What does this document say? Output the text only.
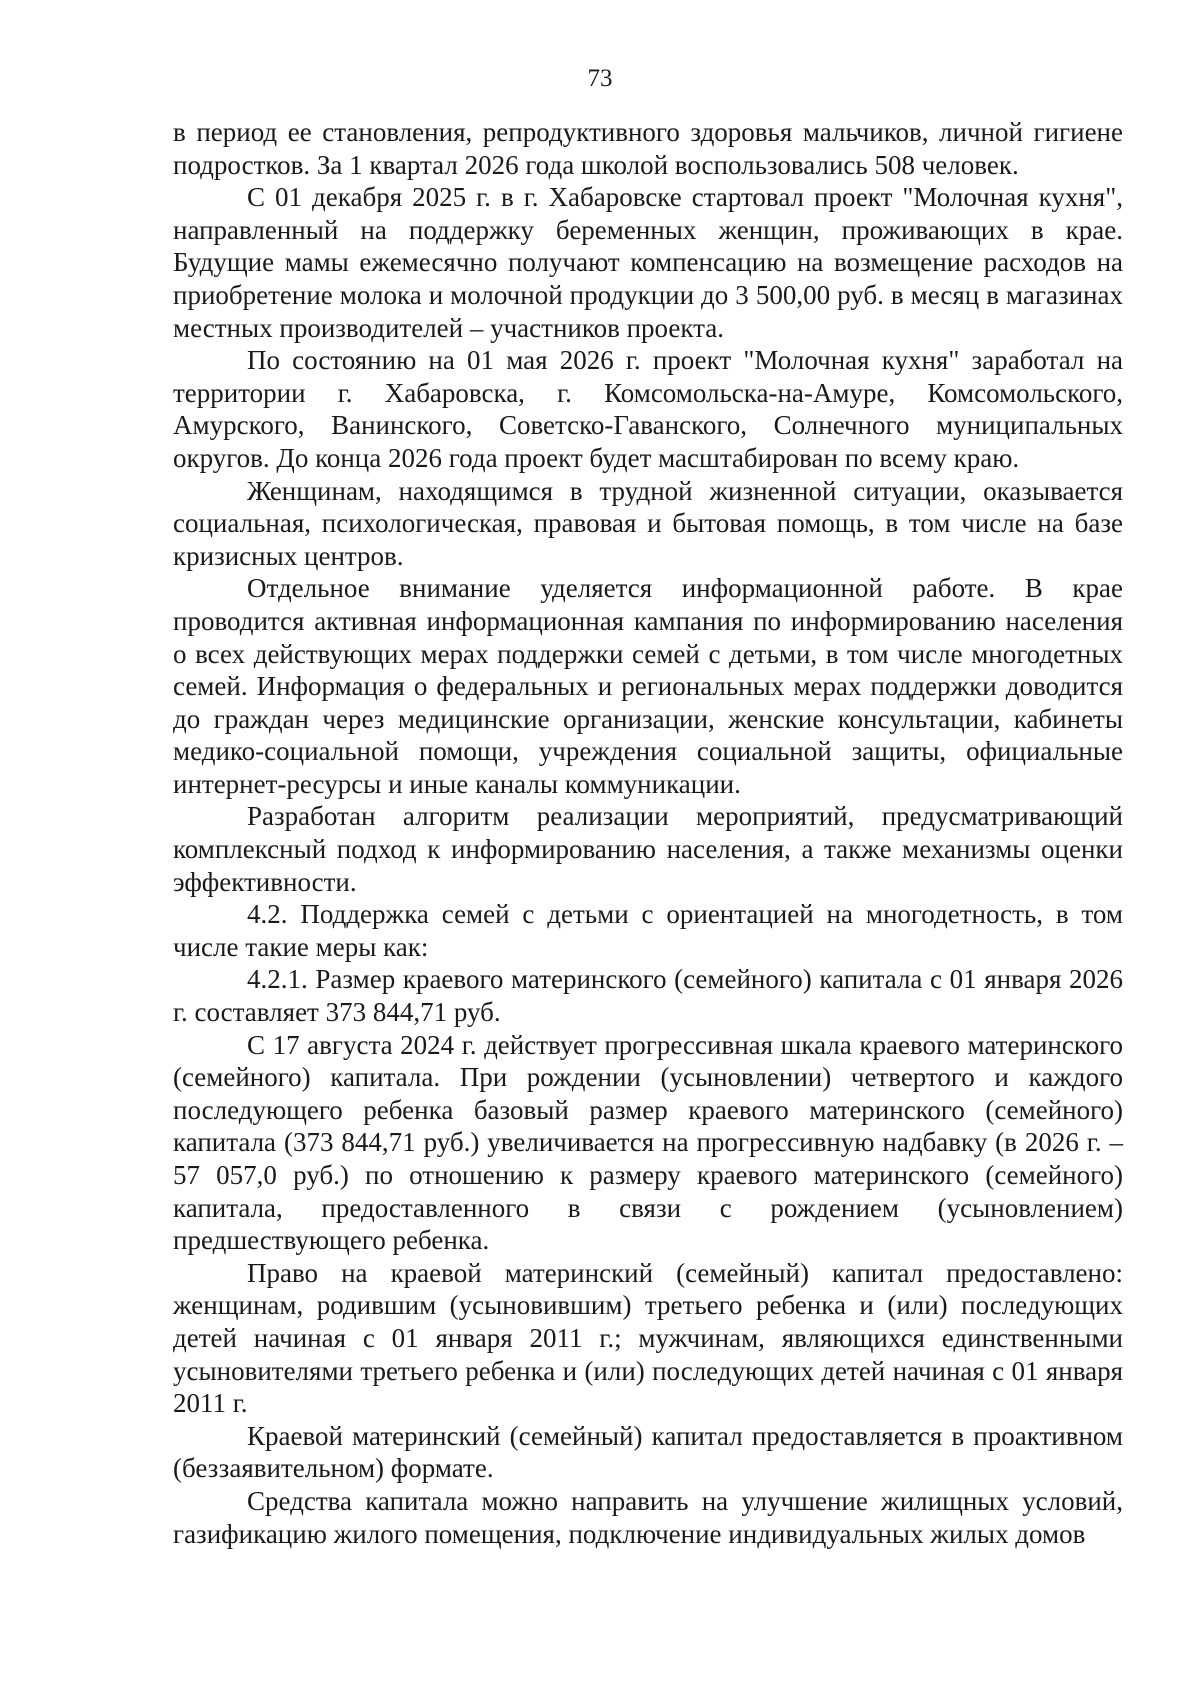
73

в период ее становления, репродуктивного здоровья мальчиков, личной гигиене подростков. За 1 квартал 2026 года школой воспользовались 508 человек.

С 01 декабря 2025 г. в г. Хабаровске стартовал проект "Молочная кухня", направленный на поддержку беременных женщин, проживающих в крае. Будущие мамы ежемесячно получают компенсацию на возмещение расходов на приобретение молока и молочной продукции до 3 500,00 руб. в месяц в магазинах местных производителей – участников проекта.

По состоянию на 01 мая 2026 г. проект "Молочная кухня" заработал на территории г. Хабаровска, г. Комсомольска-на-Амуре, Комсомольского, Амурского, Ванинского, Советско-Гаванского, Солнечного муниципальных округов. До конца 2026 года проект будет масштабирован по всему краю.

Женщинам, находящимся в трудной жизненной ситуации, оказывается социальная, психологическая, правовая и бытовая помощь, в том числе на базе кризисных центров.

Отдельное внимание уделяется информационной работе. В крае проводится активная информационная кампания по информированию населения о всех действующих мерах поддержки семей с детьми, в том числе многодетных семей. Информация о федеральных и региональных мерах поддержки доводится до граждан через медицинские организации, женские консультации, кабинеты медико-социальной помощи, учреждения социальной защиты, официальные интернет-ресурсы и иные каналы коммуникации.

Разработан алгоритм реализации мероприятий, предусматривающий комплексный подход к информированию населения, а также механизмы оценки эффективности.

4.2. Поддержка семей с детьми с ориентацией на многодетность, в том числе такие меры как:

4.2.1. Размер краевого материнского (семейного) капитала с 01 января 2026 г. составляет 373 844,71 руб.

С 17 августа 2024 г. действует прогрессивная шкала краевого материнского (семейного) капитала. При рождении (усыновлении) четвертого и каждого последующего ребенка базовый размер краевого материнского (семейного) капитала (373 844,71 руб.) увеличивается на прогрессивную надбавку (в 2026 г. – 57 057,0 руб.) по отношению к размеру краевого материнского (семейного) капитала, предоставленного в связи с рождением (усыновлением) предшествующего ребенка.

Право на краевой материнский (семейный) капитал предоставлено: женщинам, родившим (усыновившим) третьего ребенка и (или) последующих детей начиная с 01 января 2011 г.; мужчинам, являющихся единственными усыновителями третьего ребенка и (или) последующих детей начиная с 01 января 2011 г.

Краевой материнский (семейный) капитал предоставляется в проактивном (беззаявительном) формате.

Средства капитала можно направить на улучшение жилищных условий, газификацию жилого помещения, подключение индивидуальных жилых домов
